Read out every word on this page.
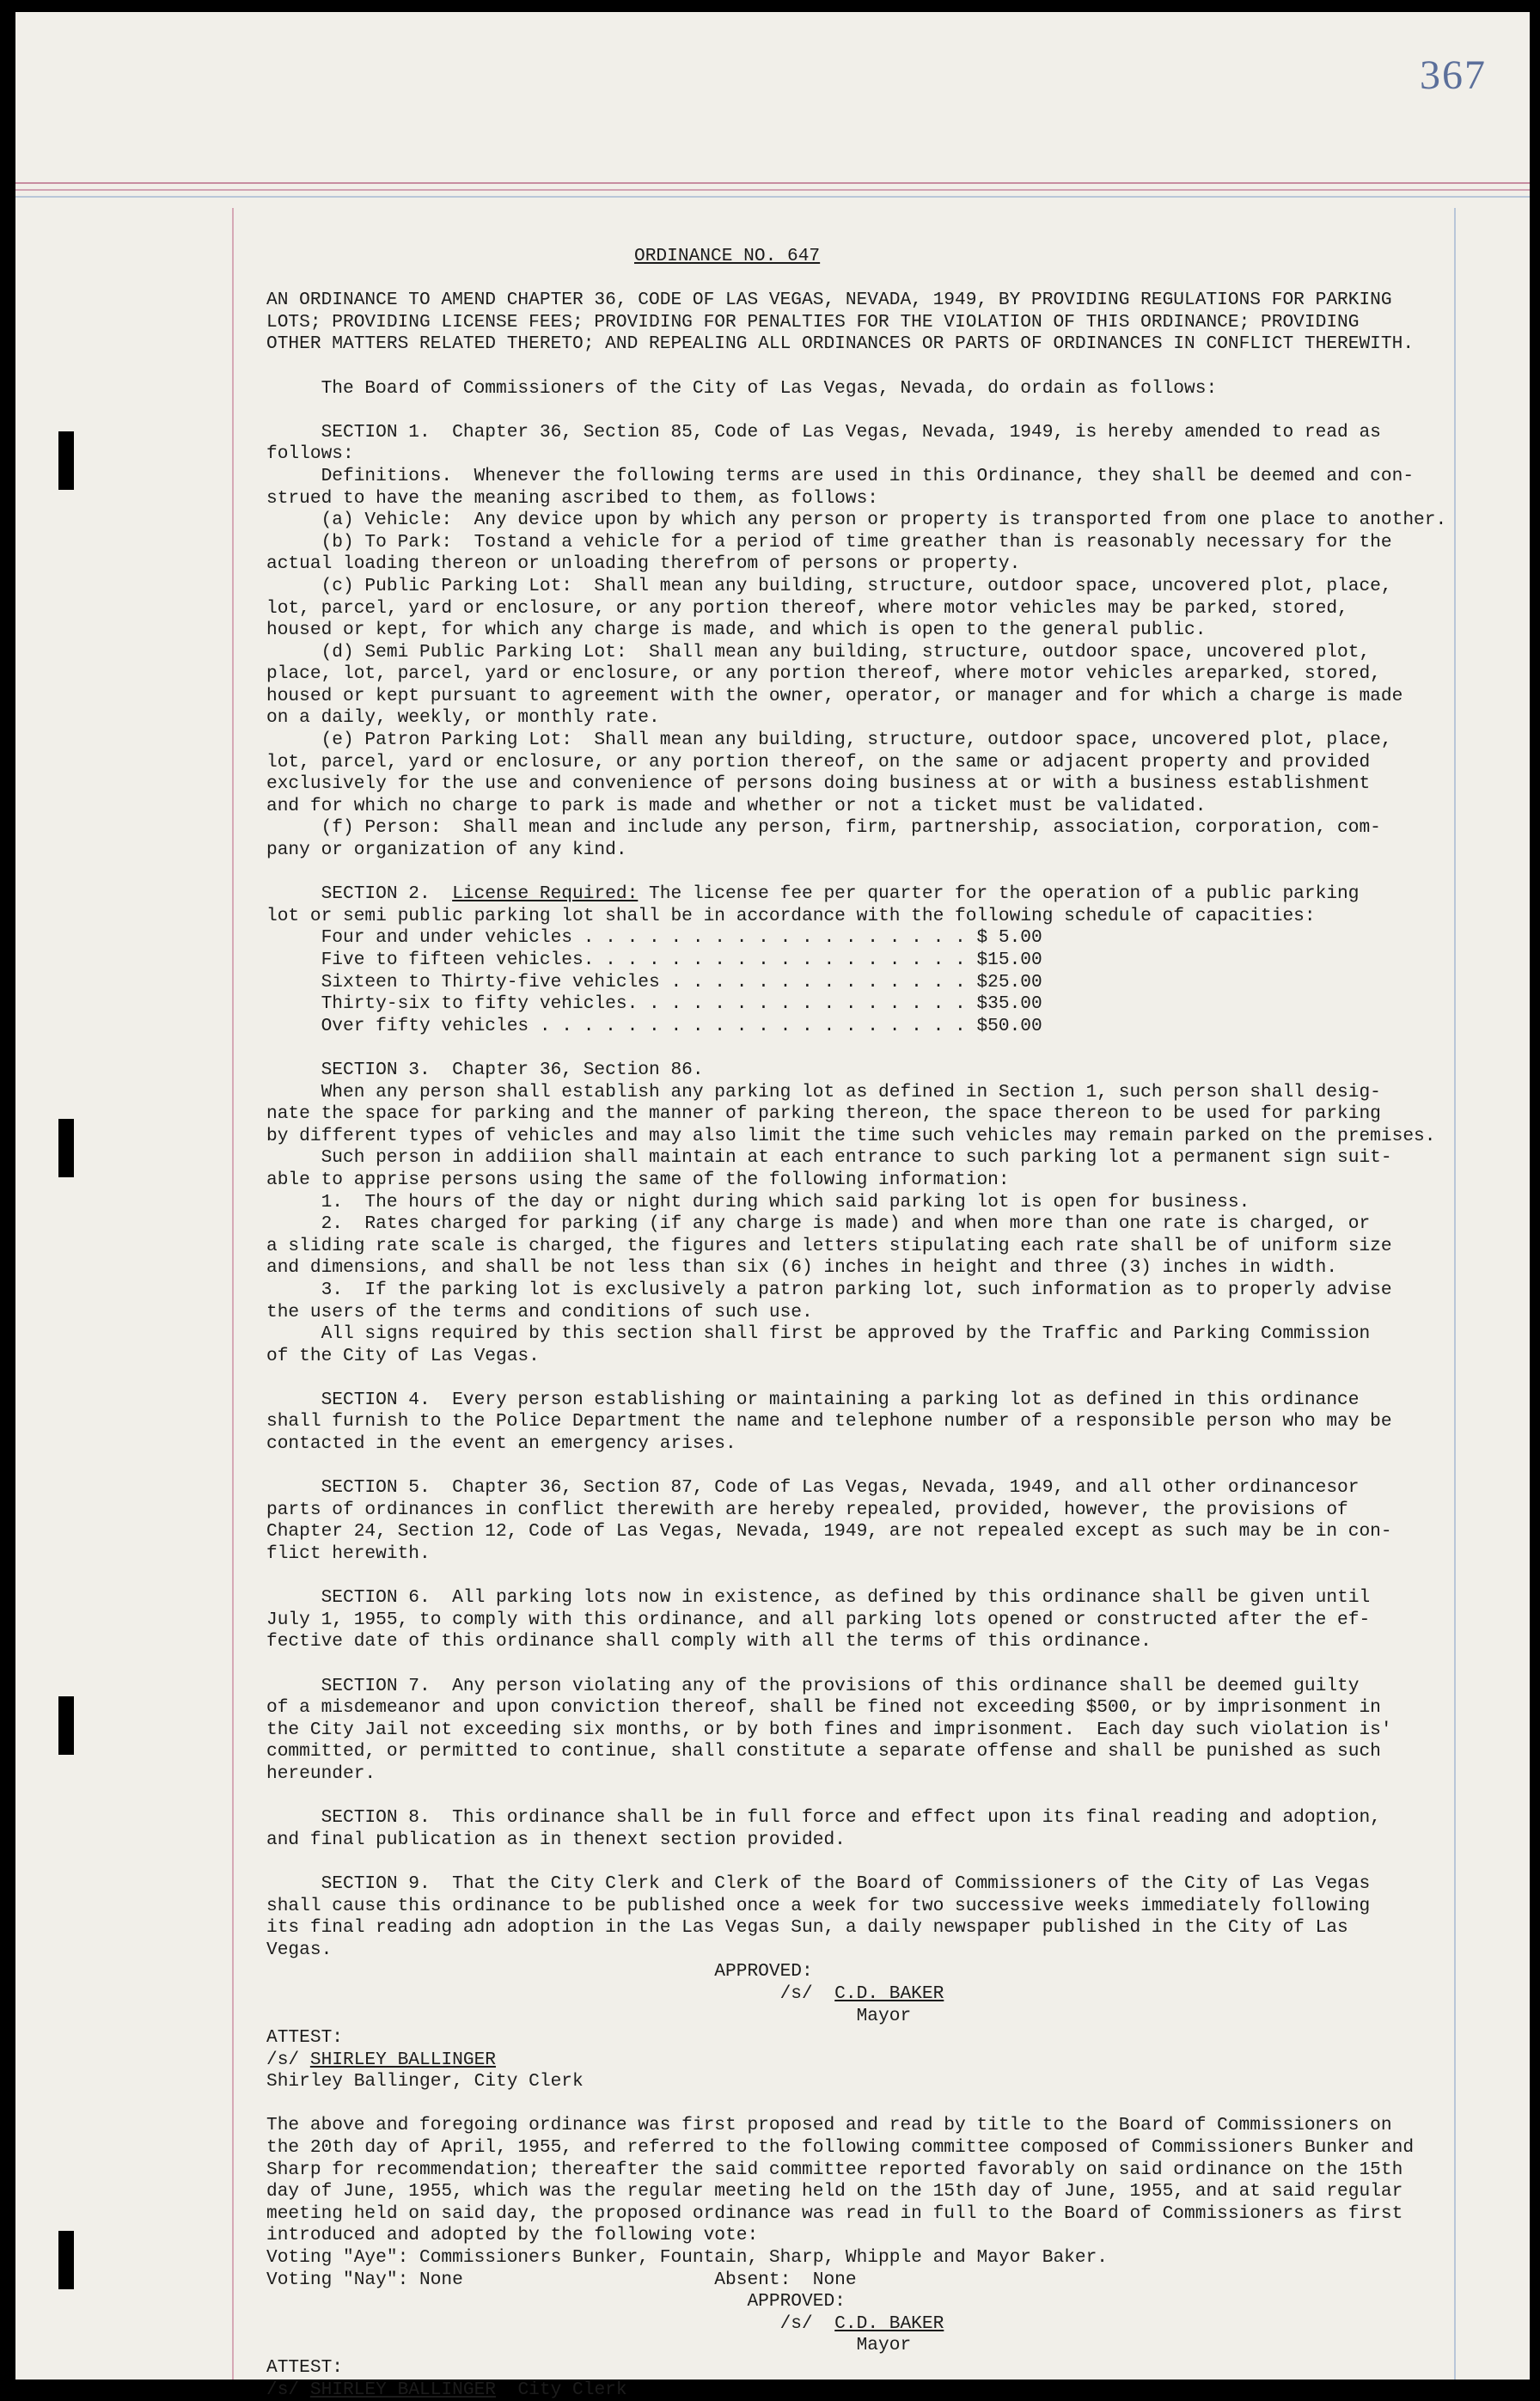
367
ORDINANCE NO. 647
AN ORDINANCE TO AMEND CHAPTER 36, CODE OF LAS VEGAS, NEVADA, 1949, BY PROVIDING REGULATIONS FOR PARKING
LOTS; PROVIDING LICENSE FEES; PROVIDING FOR PENALTIES FOR THE VIOLATION OF THIS ORDINANCE; PROVIDING
OTHER MATTERS RELATED THERETO; AND REPEALING ALL ORDINANCES OR PARTS OF ORDINANCES IN CONFLICT THEREWITH.
The Board of Commissioners of the City of Las Vegas, Nevada, do ordain as follows:
SECTION 1.  Chapter 36, Section 85, Code of Las Vegas, Nevada, 1949, is hereby amended to read as
follows:
Definitions.  Whenever the following terms are used in this Ordinance, they shall be deemed and con-
strued to have the meaning ascribed to them, as follows:
(a) Vehicle:  Any device upon by which any person or property is transported from one place to another.
(b) To Park:  Tostand a vehicle for a period of time greather than is reasonably necessary for the
actual loading thereon or unloading therefrom of persons or property.
(c) Public Parking Lot:  Shall mean any building, structure, outdoor space, uncovered plot, place,
lot, parcel, yard or enclosure, or any portion thereof, where motor vehicles may be parked, stored,
housed or kept, for which any charge is made, and which is open to the general public.
(d) Semi Public Parking Lot:  Shall mean any building, structure, outdoor space, uncovered plot,
place, lot, parcel, yard or enclosure, or any portion thereof, where motor vehicles areparked, stored,
housed or kept pursuant to agreement with the owner, operator, or manager and for which a charge is made
on a daily, weekly, or monthly rate.
(e) Patron Parking Lot:  Shall mean any building, structure, outdoor space, uncovered plot, place,
lot, parcel, yard or enclosure, or any portion thereof, on the same or adjacent property and provided
exclusively for the use and convenience of persons doing business at or with a business establishment
and for which no charge to park is made and whether or not a ticket must be validated.
(f) Person:  Shall mean and include any person, firm, partnership, association, corporation, com-
pany or organization of any kind.
SECTION 2.  License Required: The license fee per quarter for the operation of a public parking
lot or semi public parking lot shall be in accordance with the following schedule of capacities:
Four and under vehicles . . . . . . . . . . . . . . . . . . $ 5.00
Five to fifteen vehicles. . . . . . . . . . . . . . . . . . $15.00
Sixteen to Thirty-five vehicles . . . . . . . . . . . . . . $25.00
Thirty-six to fifty vehicles. . . . . . . . . . . . . . . . $35.00
Over fifty vehicles . . . . . . . . . . . . . . . . . . . . $50.00
SECTION 3.  Chapter 36, Section 86.
When any person shall establish any parking lot as defined in Section 1, such person shall desig-
nate the space for parking and the manner of parking thereon, the space thereon to be used for parking
by different types of vehicles and may also limit the time such vehicles may remain parked on the premises.
Such person in addiiion shall maintain at each entrance to such parking lot a permanent sign suit-
able to apprise persons using the same of the following information:
1.  The hours of the day or night during which said parking lot is open for business.
2.  Rates charged for parking (if any charge is made) and when more than one rate is charged, or
a sliding rate scale is charged, the figures and letters stipulating each rate shall be of uniform size
and dimensions, and shall be not less than six (6) inches in height and three (3) inches in width.
3.  If the parking lot is exclusively a patron parking lot, such information as to properly advise
the users of the terms and conditions of such use.
All signs required by this section shall first be approved by the Traffic and Parking Commission
of the City of Las Vegas.
SECTION 4.  Every person establishing or maintaining a parking lot as defined in this ordinance
shall furnish to the Police Department the name and telephone number of a responsible person who may be
contacted in the event an emergency arises.
SECTION 5.  Chapter 36, Section 87, Code of Las Vegas, Nevada, 1949, and all other ordinancesor
parts of ordinances in conflict therewith are hereby repealed, provided, however, the provisions of
Chapter 24, Section 12, Code of Las Vegas, Nevada, 1949, are not repealed except as such may be in con-
flict herewith.
SECTION 6.  All parking lots now in existence, as defined by this ordinance shall be given until
July 1, 1955, to comply with this ordinance, and all parking lots opened or constructed after the ef-
fective date of this ordinance shall comply with all the terms of this ordinance.
SECTION 7.  Any person violating any of the provisions of this ordinance shall be deemed guilty
of a misdemeanor and upon conviction thereof, shall be fined not exceeding $500, or by imprisonment in
the City Jail not exceeding six months, or by both fines and imprisonment.  Each day such violation is'
committed, or permitted to continue, shall constitute a separate offense and shall be punished as such
hereunder.
SECTION 8.  This ordinance shall be in full force and effect upon its final reading and adoption,
and final publication as in thenext section provided.
SECTION 9.  That the City Clerk and Clerk of the Board of Commissioners of the City of Las Vegas
shall cause this ordinance to be published once a week for two successive weeks immediately following
its final reading adn adoption in the Las Vegas Sun, a daily newspaper published in the City of Las
Vegas.
APPROVED:
/s/  C.D. BAKER
Mayor
ATTEST:
/s/ SHIRLEY BALLINGER
Shirley Ballinger, City Clerk
The above and foregoing ordinance was first proposed and read by title to the Board of Commissioners on
the 20th day of April, 1955, and referred to the following committee composed of Commissioners Bunker and
Sharp for recommendation; thereafter the said committee reported favorably on said ordinance on the 15th
day of June, 1955, which was the regular meeting held on the 15th day of June, 1955, and at said regular
meeting held on said day, the proposed ordinance was read in full to the Board of Commissioners as first
introduced and adopted by the following vote:
Voting "Aye": Commissioners Bunker, Fountain, Sharp, Whipple and Mayor Baker.
Voting "Nay": None                       Absent:  None
APPROVED:
/s/  C.D. BAKER
Mayor
ATTEST:
/s/ SHIRLEY BALLINGER  City Clerk
